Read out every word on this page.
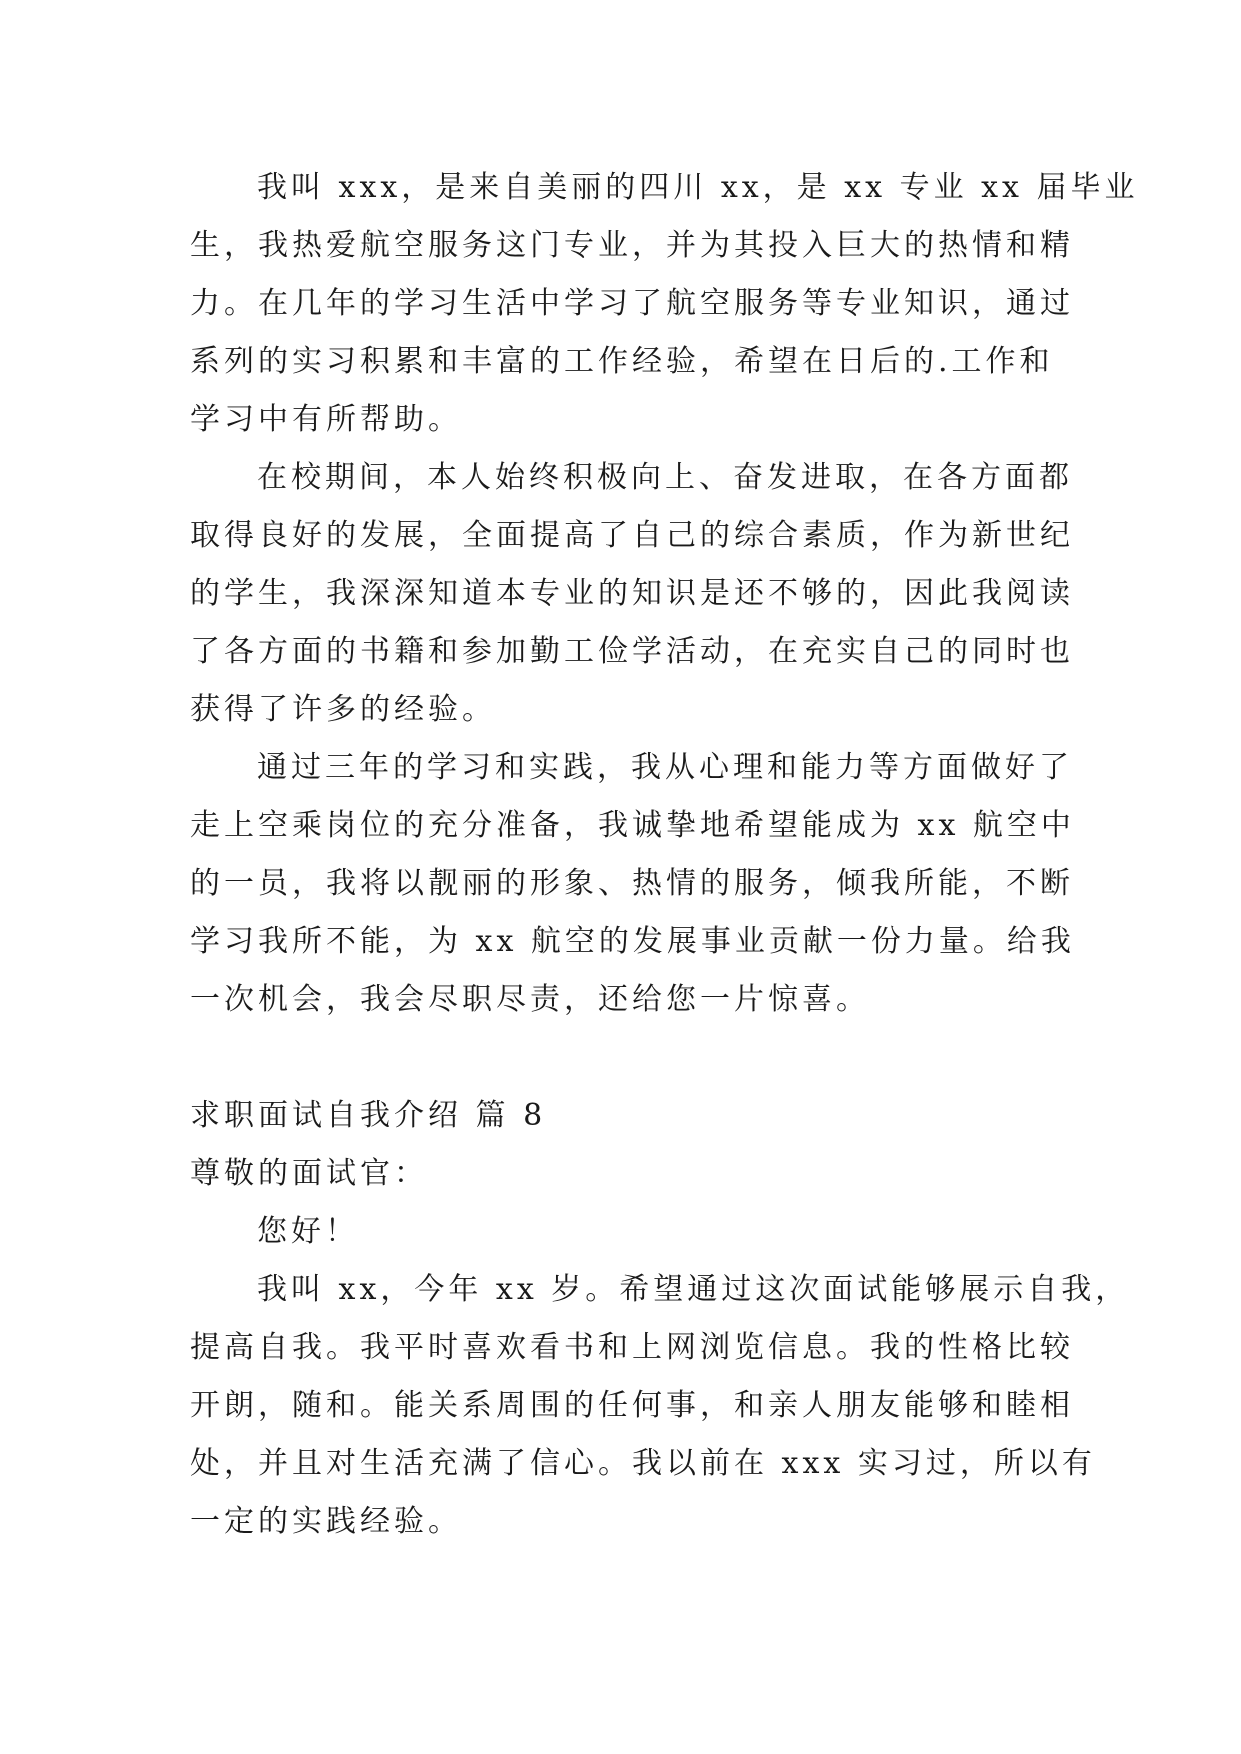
我叫 xxx，是来自美丽的四川 xx，是 xx 专业 xx 届毕业
生，我热爱航空服务这门专业，并为其投入巨大的热情和精
力。在几年的学习生活中学习了航空服务等专业知识，通过
系列的实习积累和丰富的工作经验，希望在日后的.工作和
学习中有所帮助。
在校期间，本人始终积极向上、奋发进取，在各方面都
取得良好的发展，全面提高了自己的综合素质，作为新世纪
的学生，我深深知道本专业的知识是还不够的，因此我阅读
了各方面的书籍和参加勤工俭学活动，在充实自己的同时也
获得了许多的经验。
通过三年的学习和实践，我从心理和能力等方面做好了
走上空乘岗位的充分准备，我诚挚地希望能成为 xx 航空中
的一员，我将以靓丽的形象、热情的服务，倾我所能，不断
学习我所不能，为 xx 航空的发展事业贡献一份力量。给我
一次机会，我会尽职尽责，还给您一片惊喜。
求职面试自我介绍 篇 8
尊敬的面试官：
您好！
我叫 xx，今年 xx 岁。希望通过这次面试能够展示自我，
提高自我。我平时喜欢看书和上网浏览信息。我的性格比较
开朗，随和。能关系周围的任何事，和亲人朋友能够和睦相
处，并且对生活充满了信心。我以前在 xxx 实习过，所以有
一定的实践经验。
